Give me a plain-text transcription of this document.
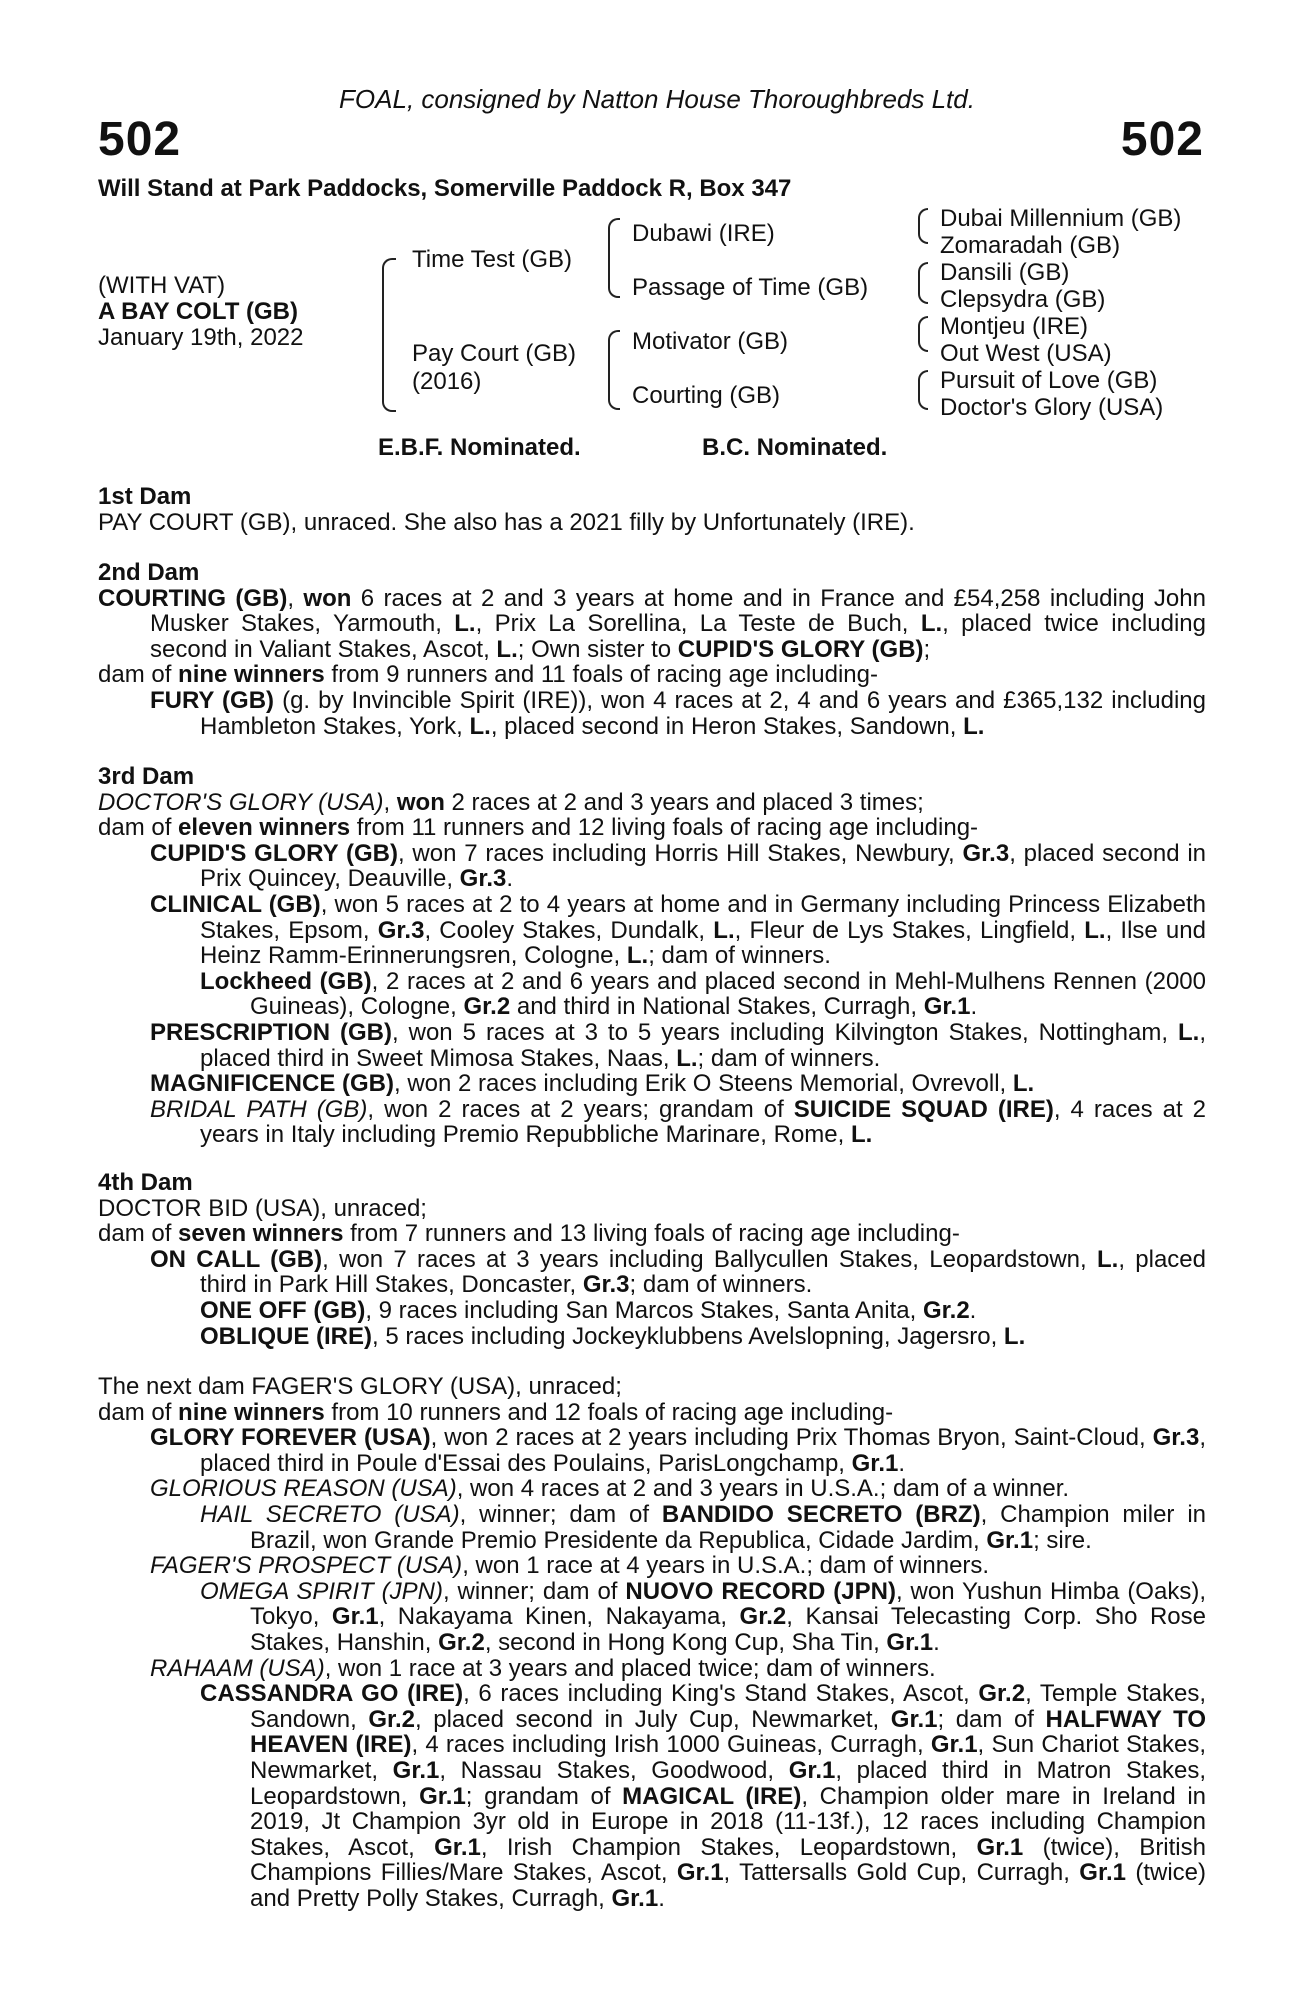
FOAL, consigned by Natton House Thoroughbreds Ltd.
502	502
Will Stand at Park Paddocks, Somerville Paddock R, Box 347
(WITH VAT)
A BAY COLT (GB)
January 19th, 2022
Time Test (GB)
Pay Court (GB)
(2016)
Dubawi (IRE)
Passage of Time (GB)
Motivator (GB)
Courting (GB)
Dubai Millennium (GB)
Zomaradah (GB)
Dansili (GB)
Clepsydra (GB)
Montjeu (IRE)
Out West (USA)
Pursuit of Love (GB)
Doctor's Glory (USA)
E.B.F. Nominated.	B.C. Nominated.
1st Dam
PAY COURT (GB), unraced. She also has a 2021 filly by Unfortunately (IRE).
2nd Dam
COURTING (GB), won 6 races at 2 and 3 years at home and in France and £54,258 including John Musker Stakes, Yarmouth, L., Prix La Sorellina, La Teste de Buch, L., placed twice including second in Valiant Stakes, Ascot, L.; Own sister to CUPID'S GLORY (GB);
dam of nine winners from 9 runners and 11 foals of racing age including-
FURY (GB) (g. by Invincible Spirit (IRE)), won 4 races at 2, 4 and 6 years and £365,132 including Hambleton Stakes, York, L., placed second in Heron Stakes, Sandown, L.
3rd Dam
DOCTOR'S GLORY (USA), won 2 races at 2 and 3 years and placed 3 times;
dam of eleven winners from 11 runners and 12 living foals of racing age including-
CUPID'S GLORY (GB), won 7 races including Horris Hill Stakes, Newbury, Gr.3, placed second in Prix Quincey, Deauville, Gr.3.
CLINICAL (GB), won 5 races at 2 to 4 years at home and in Germany including Princess Elizabeth Stakes, Epsom, Gr.3, Cooley Stakes, Dundalk, L., Fleur de Lys Stakes, Lingfield, L., Ilse und Heinz Ramm-Erinnerungsren, Cologne, L.; dam of winners.
Lockheed (GB), 2 races at 2 and 6 years and placed second in Mehl-Mulhens Rennen (2000 Guineas), Cologne, Gr.2 and third in National Stakes, Curragh, Gr.1.
PRESCRIPTION (GB), won 5 races at 3 to 5 years including Kilvington Stakes, Nottingham, L., placed third in Sweet Mimosa Stakes, Naas, L.; dam of winners.
MAGNIFICENCE (GB), won 2 races including Erik O Steens Memorial, Ovrevoll, L.
BRIDAL PATH (GB), won 2 races at 2 years; grandam of SUICIDE SQUAD (IRE), 4 races at 2 years in Italy including Premio Repubbliche Marinare, Rome, L.
4th Dam
DOCTOR BID (USA), unraced;
dam of seven winners from 7 runners and 13 living foals of racing age including-
ON CALL (GB), won 7 races at 3 years including Ballycullen Stakes, Leopardstown, L., placed third in Park Hill Stakes, Doncaster, Gr.3; dam of winners.
ONE OFF (GB), 9 races including San Marcos Stakes, Santa Anita, Gr.2.
OBLIQUE (IRE), 5 races including Jockeyklubbens Avelslopning, Jagersro, L.
The next dam FAGER'S GLORY (USA), unraced;
dam of nine winners from 10 runners and 12 foals of racing age including-
GLORY FOREVER (USA), won 2 races at 2 years including Prix Thomas Bryon, Saint-Cloud, Gr.3, placed third in Poule d'Essai des Poulains, ParisLongchamp, Gr.1.
GLORIOUS REASON (USA), won 4 races at 2 and 3 years in U.S.A.; dam of a winner.
HAIL SECRETO (USA), winner; dam of BANDIDO SECRETO (BRZ), Champion miler in Brazil, won Grande Premio Presidente da Republica, Cidade Jardim, Gr.1; sire.
FAGER'S PROSPECT (USA), won 1 race at 4 years in U.S.A.; dam of winners.
OMEGA SPIRIT (JPN), winner; dam of NUOVO RECORD (JPN), won Yushun Himba (Oaks), Tokyo, Gr.1, Nakayama Kinen, Nakayama, Gr.2, Kansai Telecasting Corp. Sho Rose Stakes, Hanshin, Gr.2, second in Hong Kong Cup, Sha Tin, Gr.1.
RAHAAM (USA), won 1 race at 3 years and placed twice; dam of winners.
CASSANDRA GO (IRE), 6 races including King's Stand Stakes, Ascot, Gr.2, Temple Stakes, Sandown, Gr.2, placed second in July Cup, Newmarket, Gr.1; dam of HALFWAY TO HEAVEN (IRE), 4 races including Irish 1000 Guineas, Curragh, Gr.1, Sun Chariot Stakes, Newmarket, Gr.1, Nassau Stakes, Goodwood, Gr.1, placed third in Matron Stakes, Leopardstown, Gr.1; grandam of MAGICAL (IRE), Champion older mare in Ireland in 2019, Jt Champion 3yr old in Europe in 2018 (11-13f.), 12 races including Champion Stakes, Ascot, Gr.1, Irish Champion Stakes, Leopardstown, Gr.1 (twice), British Champions Fillies/Mare Stakes, Ascot, Gr.1, Tattersalls Gold Cup, Curragh, Gr.1 (twice) and Pretty Polly Stakes, Curragh, Gr.1.
